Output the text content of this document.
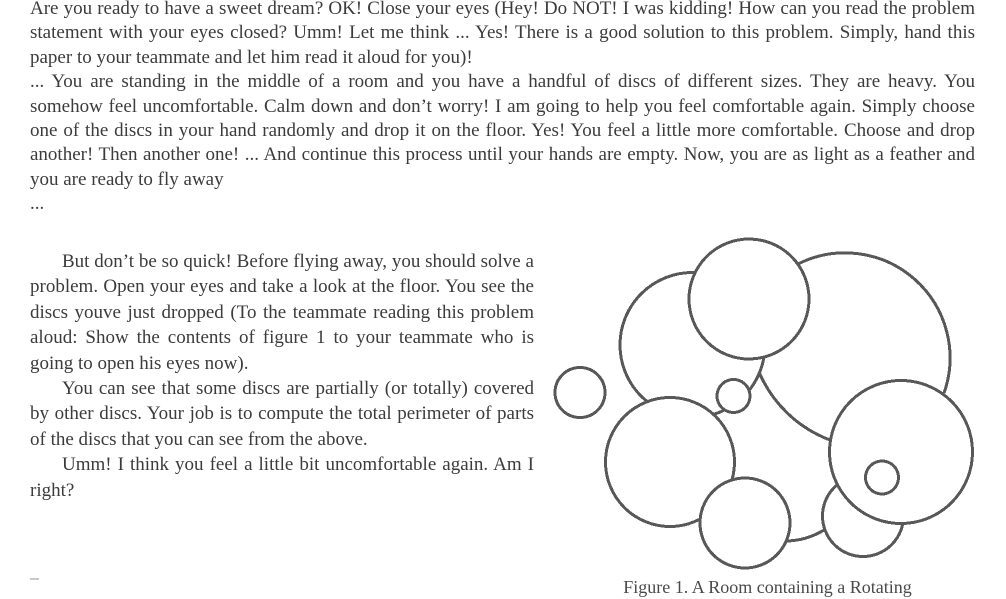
Are you ready to have a sweet dream? OK! Close your eyes (Hey! Do NOT! I was kidding! How can you read the problem statement with your eyes closed? Umm! Let me think ... Yes! There is a good solution to this problem. Simply, hand this paper to your teammate and let him read it aloud for you)!

... You are standing in the middle of a room and you have a handful of discs of different sizes. They are heavy. You somehow feel uncomfortable. Calm down and don’t worry! I am going to help you feel comfortable again. Simply choose one of the discs in your hand randomly and drop it on the floor. Yes! You feel a little more comfortable. Choose and drop another! Then another one! ... And continue this process until your hands are empty. Now, you are as light as a feather and you are ready to fly away

...

But don’t be so quick! Before flying away, you should solve a problem. Open your eyes and take a look at the floor. You see the discs youve just dropped (To the teammate reading this problem aloud: Show the contents of figure 1 to your teammate who is going to open his eyes now).

You can see that some discs are partially (or totally) covered by other discs. Your job is to compute the total perimeter of parts of the discs that you can see from the above.

Umm! I think you feel a little bit uncomfortable again. Am I right?

Figure 1. A Room containing a Rotating
